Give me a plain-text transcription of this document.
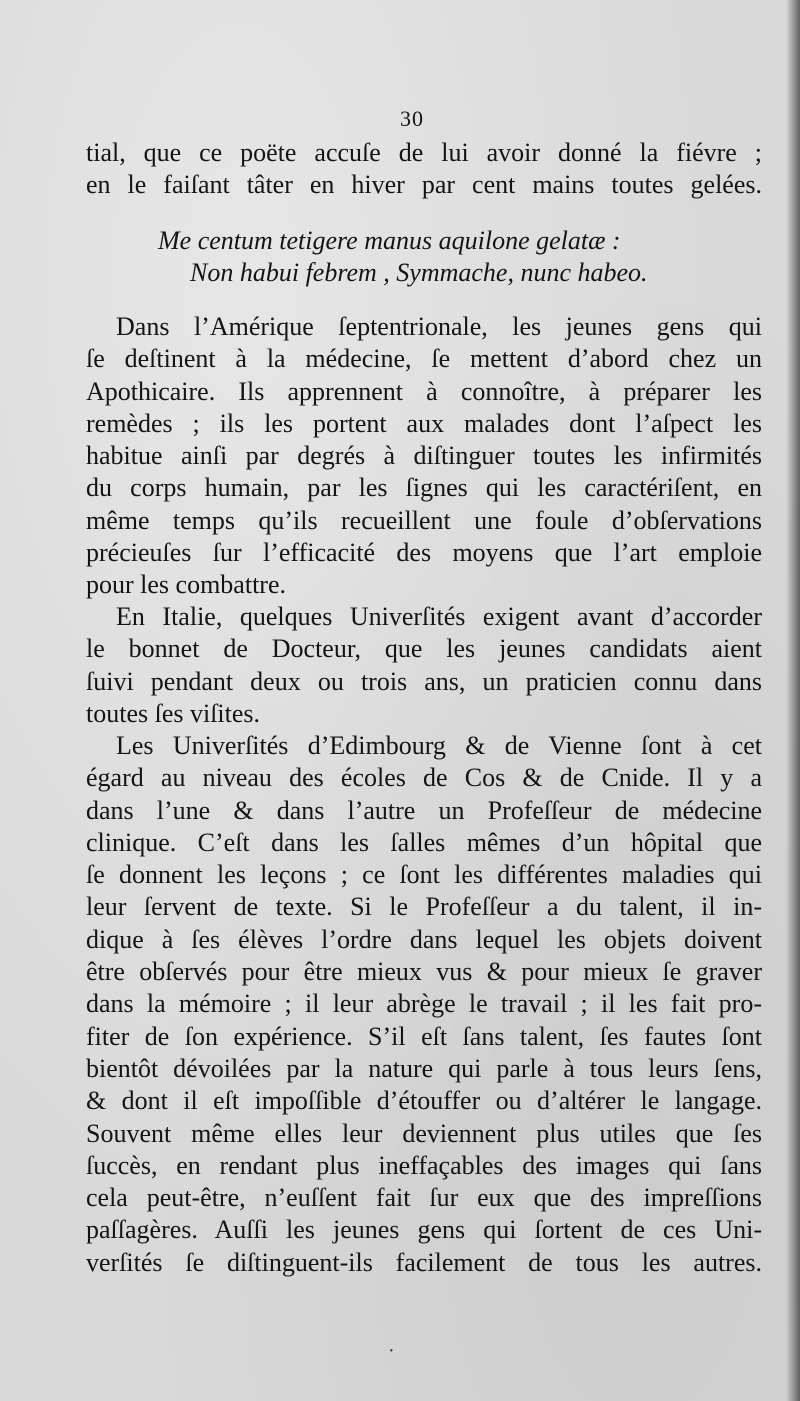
30
tial, que ce poëte accuſe de lui avoir donné la fiévre ;
en le faiſant tâter en hiver par cent mains toutes gelées.
Me centum tetigere manus aquilone gelatæ :
Non habui febrem , Symmache, nunc habeo.
Dans l’Amérique ſeptentrionale, les jeunes gens qui
ſe deſtinent à la médecine, ſe mettent d’abord chez un
Apothicaire. Ils apprennent à connoître, à préparer les
remèdes ; ils les portent aux malades dont l’aſpect les
habitue ainſi par degrés à diſtinguer toutes les infirmités
du corps humain, par les ſignes qui les caractériſent, en
même temps qu’ils recueillent une foule d’obſervations
précieuſes ſur l’efficacité des moyens que l’art emploie
pour les combattre.
En Italie, quelques Univerſités exigent avant d’accorder
le bonnet de Docteur, que les jeunes candidats aient
ſuivi pendant deux ou trois ans, un praticien connu dans
toutes ſes viſites.
Les Univerſités d’Edimbourg & de Vienne ſont à cet
égard au niveau des écoles de Cos & de Cnide. Il y a
dans l’une & dans l’autre un Profeſſeur de médecine
clinique. C’eſt dans les ſalles mêmes d’un hôpital que
ſe donnent les leçons ; ce ſont les différentes maladies qui
leur ſervent de texte. Si le Profeſſeur a du talent, il in-
dique à ſes élèves l’ordre dans lequel les objets doivent
être obſervés pour être mieux vus & pour mieux ſe graver
dans la mémoire ; il leur abrège le travail ; il les fait pro-
fiter de ſon expérience. S’il eſt ſans talent, ſes fautes ſont
bientôt dévoilées par la nature qui parle à tous leurs ſens,
& dont il eſt impoſſible d’étouffer ou d’altérer le langage.
Souvent même elles leur deviennent plus utiles que ſes
ſuccès, en rendant plus ineffaçables des images qui ſans
cela peut-être, n’euſſent fait ſur eux que des impreſſions
paſſagères. Auſſi les jeunes gens qui ſortent de ces Uni-
verſités ſe diſtinguent-ils facilement de tous les autres.
·
